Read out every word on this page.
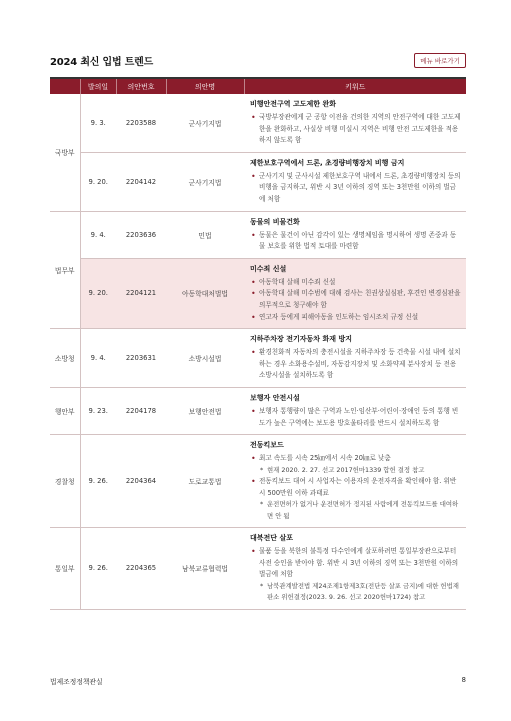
2024 최신 입법 트렌드	메뉴 바로가기
	발의일	의안번호	의안명	키워드
국방부	9. 3.	2203588	군사기지법	비행안전구역 고도제한 완화
• 국방부장관에게 군 공항 이전을 건의한 지역의 안전구역에 대한 고도제한을 완화하고, 사실상 비행 미실시 지역은 비행 안전 고도제한을 적용하지 않도록 함

	9. 20.	2204142	군사기지법	제한보호구역에서 드론, 초경량비행장치 비행 금지
• 군사기지 및 군사시설 제한보호구역 내에서 드론, 초경량비행장치 등의 비행을 금지하고, 위반 시 3년 이하의 징역 또는 3천만원 이하의 벌금에 처함

법무부	9. 4.	2203636	민법	동물의 비물건화
• 동물은 물건이 아닌 감각이 있는 생명체임을 명시하여 생명 존중과 동물 보호를 위한 법적 토대를 마련함

	9. 20.	2204121	아동학대처벌법	미수죄 신설
• 아동학대 살해 미수죄 신설
• 아동학대 살해 미수범에 대해 검사는 친권상실심판, 후견인 변경심판을 의무적으로 청구해야 함
• 연고자 등에게 피해아동을 인도하는 임시조치 규정 신설

소방청	9. 4.	2203631	소방시설법	지하주차장 전기자동차 화재 방지
• 환경친화적 자동차의 충전시설을 지하주차장 등 건축물 시설 내에 설치하는 경우 소화용수설비, 자동감지장치 및 소화약제 분사장치 등 전용 소방시설을 설치하도록 함

행안부	9. 23.	2204178	보행안전법	보행자 안전시설
• 보행자 통행량이 많은 구역과 노인·임산부·어린이·장애인 등의 통행 빈도가 높은 구역에는 보도용 방호울타리를 반드시 설치하도록 함

경찰청	9. 26.	2204364	도로교통법	전동킥보드
• 최고 속도를 시속 25㎞에서 시속 20㎞로 낮춤
* 현재 2020. 2. 27. 선고 2017헌마1339 합헌 결정 참고
• 전동킥보드 대여 시 사업자는 이용자의 운전자격을 확인해야 함. 위반 시 500만원 이하 과태료
* 운전면허가 없거나 운전면허가 정지된 사람에게 전동킥보드를 대여하면 안 됨

통일부	9. 26.	2204365	남북교류협력법	대북전단 살포
• 물품 등을 북한의 불특정 다수인에게 살포하려면 통일부장관으로부터 사전 승인을 받아야 함. 위반 시 3년 이하의 징역 또는 3천만원 이하의 벌금에 처함
* 남북관계발전법 제24조제1항제3호(전단등 살포 금지)에 대한 헌법재판소 위헌결정(2023. 9. 26. 선고 2020헌마1724) 참고
법제조정정책관실	8
